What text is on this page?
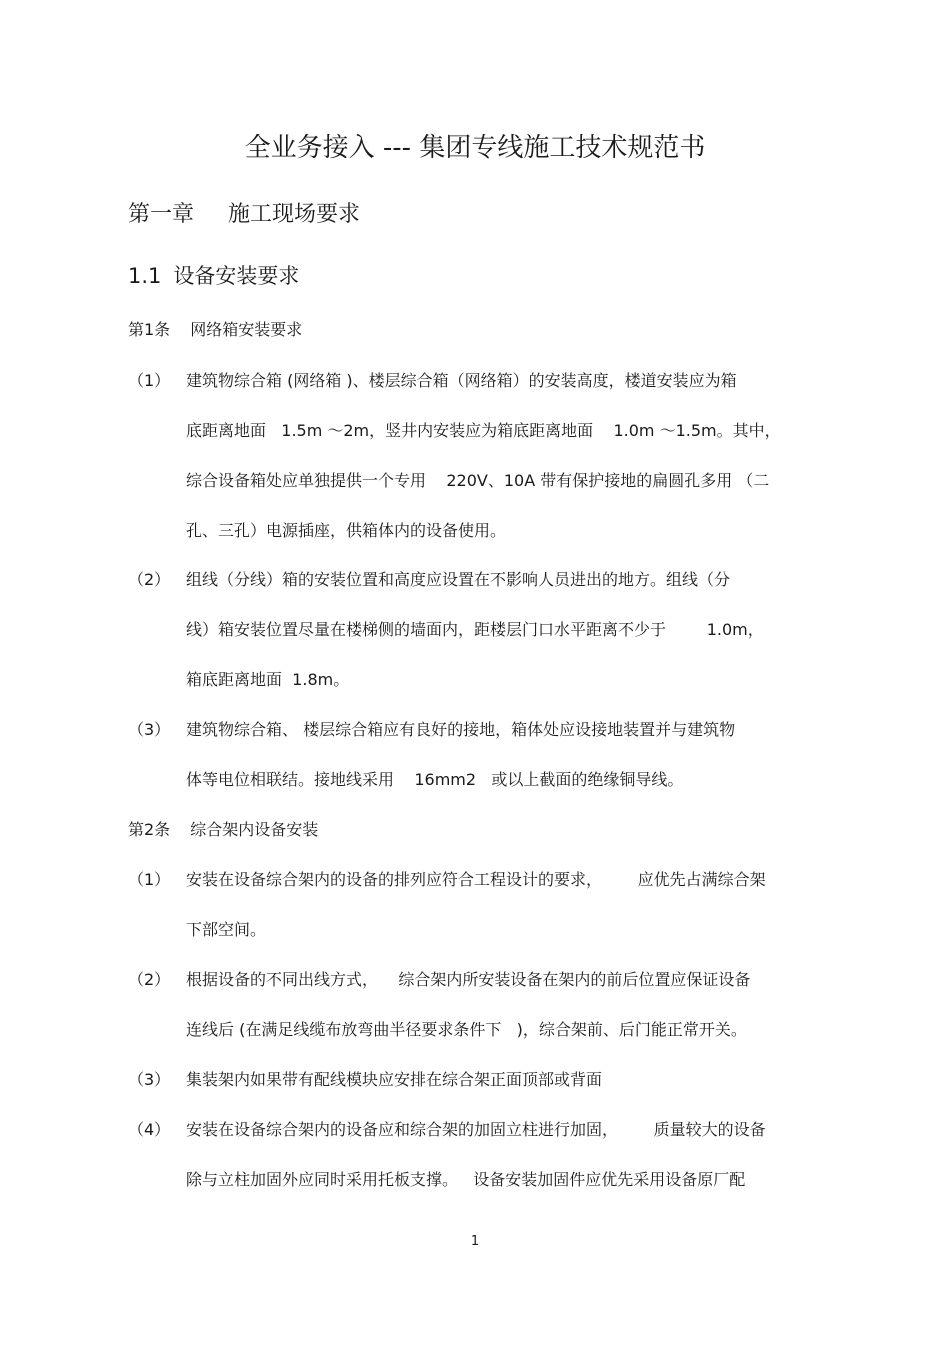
全业务接入 --- 集团专线施工技术规范书
第一章 施工现场要求
1.1 设备安装要求
第1条 网络箱安装要求
（1） 建筑物综合箱 (网络箱 )、楼层综合箱（网络箱）的安装高度，楼道安装应为箱
底距离地面   1.5m ～2m，竖井内安装应为箱底距离地面    1.0m ～1.5m。其中，
综合设备箱处应单独提供一个专用    220V、10A 带有保护接地的扁圆孔多用 （二
孔、三孔）电源插座，供箱体内的设备使用。
（2） 组线（分线）箱的安装位置和高度应设置在不影响人员进出的地方。组线（分
线）箱安装位置尽量在楼梯侧的墙面内，距楼层门口水平距离不少于        1.0m，
箱底距离地面  1.8m。
（3） 建筑物综合箱、 楼层综合箱应有良好的接地，箱体处应设接地装置并与建筑物
体等电位相联结。接地线采用    16mm2   或以上截面的绝缘铜导线。
第2条 综合架内设备安装
（1） 安装在设备综合架内的设备的排列应符合工程设计的要求，       应优先占满综合架
下部空间。
（2） 根据设备的不同出线方式，    综合架内所安装设备在架内的前后位置应保证设备
连线后 (在满足线缆布放弯曲半径要求条件下   )，综合架前、后门能正常开关。
（3） 集装架内如果带有配线模块应安排在综合架正面顶部或背面
（4） 安装在设备综合架内的设备应和综合架的加固立柱进行加固，       质量较大的设备
除与立柱加固外应同时采用托板支撑。   设备安装加固件应优先采用设备原厂配
1
